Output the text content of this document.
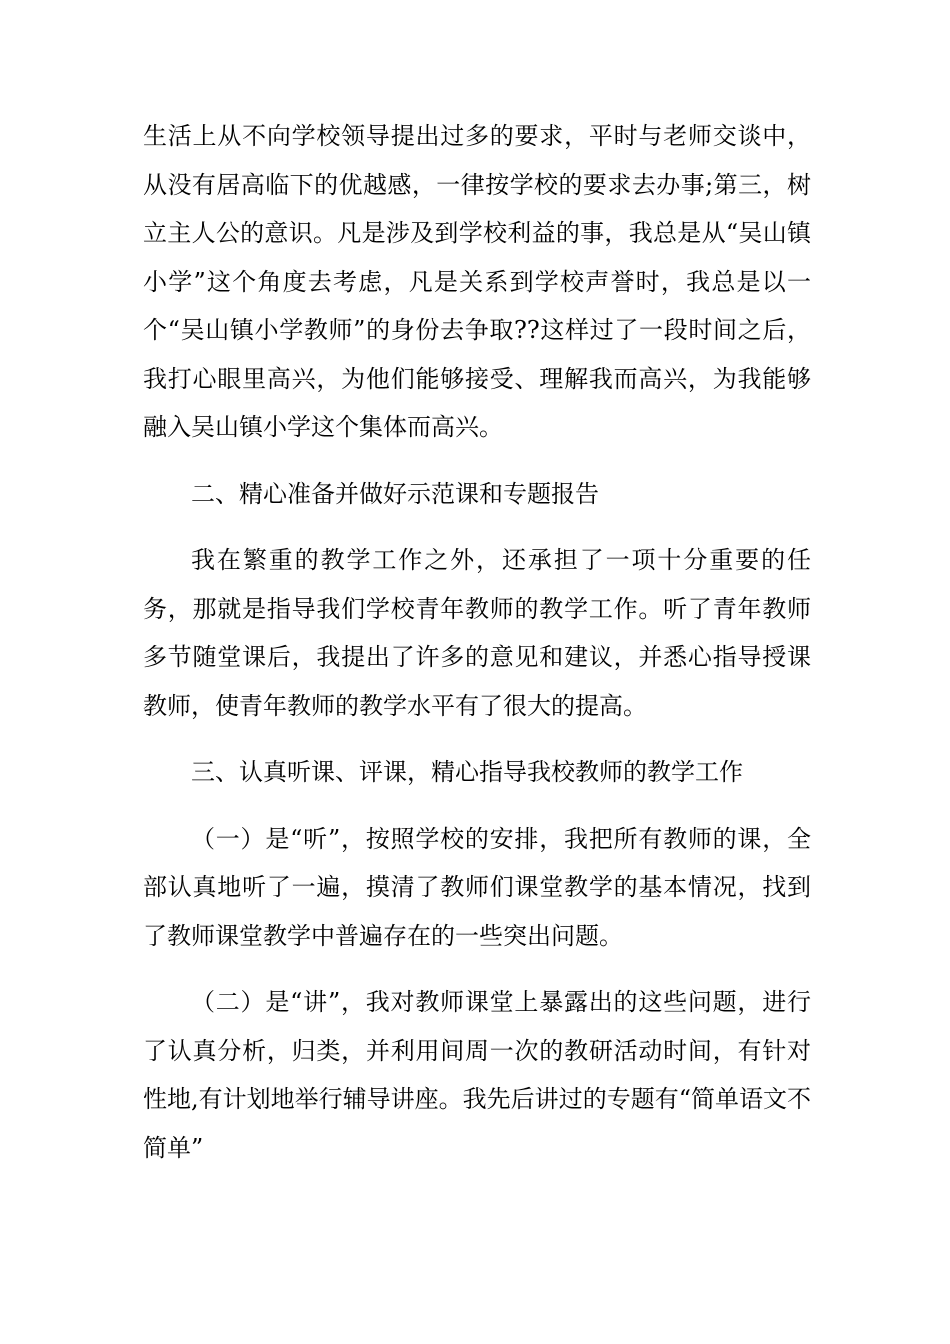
生活上从不向学校领导提出过多的要求，平时与老师交谈中，从没有居高临下的优越感，一律按学校的要求去办事;第三，树立主人公的意识。凡是涉及到学校利益的事，我总是从“吴山镇小学”这个角度去考虑，凡是关系到学校声誉时，我总是以一个“吴山镇小学教师”的身份去争取??这样过了一段时间之后，我打心眼里高兴，为他们能够接受、理解我而高兴，为我能够融入吴山镇小学这个集体而高兴。

二、精心准备并做好示范课和专题报告

我在繁重的教学工作之外，还承担了一项十分重要的任务，那就是指导我们学校青年教师的教学工作。听了青年教师多节随堂课后，我提出了许多的意见和建议，并悉心指导授课教师，使青年教师的教学水平有了很大的提高。

三、认真听课、评课，精心指导我校教师的教学工作

（一）是“听”，按照学校的安排，我把所有教师的课，全部认真地听了一遍，摸清了教师们课堂教学的基本情况，找到了教师课堂教学中普遍存在的一些突出问题。

（二）是“讲”，我对教师课堂上暴露出的这些问题，进行了认真分析，归类，并利用间周一次的教研活动时间，有针对性地,有计划地举行辅导讲座。我先后讲过的专题有“简单语文不简单”
